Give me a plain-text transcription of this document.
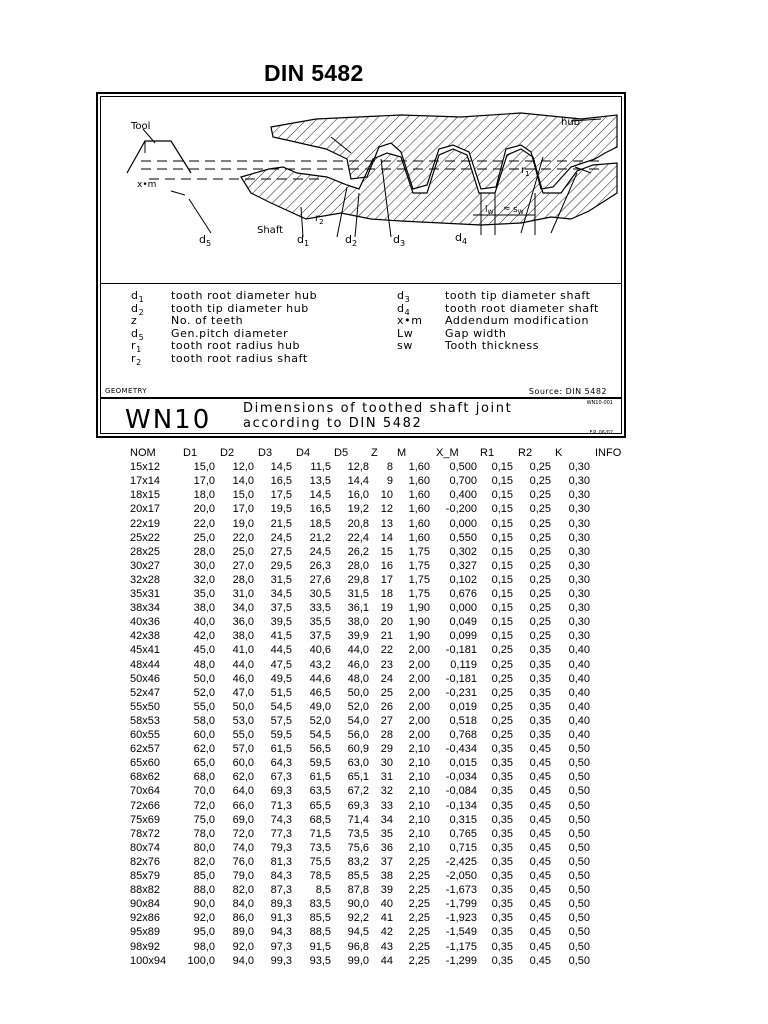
DIN 5482
Tool	hub
x•m
Shaft
$d_5$	$d_1$	$d_2$	$d_3$	$d_4$
$r_1$
$r_2$
$l_W \approx s_W$
$d_1$ tooth root diameter hub
$d_2$ tooth tip diameter hub
z	No. of teeth
$d_5$ Gen.pitch diameter
$r_1$	tooth root radius hub
$r_2$	tooth root radius shaft
$d_3$	tooth tip diameter shaft
$d_4$	tooth root diameter shaft
x•m Addendum modification
Lw	Gap width
sw	Tooth thickness
GEOMETRY	Source: DIN 5482
WN10 Dimensions of toothed shaft joint
according to DIN 5482
WN10-001
F.P. 06/02
NOM D1 D2 D3 D4 D5 Z M	X_M R1 R2 K	INFO
15x12	15,0 12,0 14,5 11,5 12,8 8 1,60 0,500 0,15 0,25 0,30
17x14	17,0 14,0 16,5 13,5 14,4 9 1,60 0,700 0,15 0,25 0,30
18x15	18,0 15,0 17,5 14,5 16,0 10 1,60 0,400 0,15 0,25 0,30
20x17	20,0 17,0 19,5 16,5 19,2 12 1,60 -0,200 0,15 0,25 0,30
22x19	22,0 19,0 21,5 18,5 20,8 13 1,60 0,000 0,15 0,25 0,30
25x22	25,0 22,0 24,5 21,2 22,4 14 1,60 0,550 0,15 0,25 0,30
28x25	28,0 25,0 27,5 24,5 26,2 15 1,75 0,302 0,15 0,25 0,30
30x27	30,0 27,0 29,5 26,3 28,0 16 1,75 0,327 0,15 0,25 0,30
32x28	32,0 28,0 31,5 27,6 29,8 17 1,75 0,102 0,15 0,25 0,30
35x31	35,0 31,0 34,5 30,5 31,5 18 1,75 0,676 0,15 0,25 0,30
38x34	38,0 34,0 37,5 33,5 36,1 19 1,90 0,000 0,15 0,25 0,30
40x36	40,0 36,0 39,5 35,5 38,0 20 1,90 0,049 0,15 0,25 0,30
42x38	42,0 38,0 41,5 37,5 39,9 21 1,90 0,099 0,15 0,25 0,30
45x41	45,0 41,0 44,5 40,6 44,0 22 2,00 -0,181 0,25 0,35 0,40
48x44	48,0 44,0 47,5 43,2 46,0 23 2,00 0,119 0,25 0,35 0,40
50x46	50,0 46,0 49,5 44,6 48,0 24 2,00 -0,181 0,25 0,35 0,40
52x47	52,0 47,0 51,5 46,5 50,0 25 2,00 -0,231 0,25 0,35 0,40
55x50	55,0 50,0 54,5 49,0 52,0 26 2,00 0,019 0,25 0,35 0,40
58x53	58,0 53,0 57,5 52,0 54,0 27 2,00 0,518 0,25 0,35 0,40
60x55	60,0 55,0 59,5 54,5 56,0 28 2,00 0,768 0,25 0,35 0,40
62x57	62,0 57,0 61,5 56,5 60,9 29 2,10 -0,434 0,35 0,45 0,50
65x60	65,0 60,0 64,3 59,5 63,0 30 2,10 0,015 0,35 0,45 0,50
68x62	68,0 62,0 67,3 61,5 65,1 31 2,10 -0,034 0,35 0,45 0,50
70x64	70,0 64,0 69,3 63,5 67,2 32 2,10 -0,084 0,35 0,45 0,50
72x66	72,0 66,0 71,3 65,5 69,3 33 2,10 -0,134 0,35 0,45 0,50
75x69	75,0 69,0 74,3 68,5 71,4 34 2,10 0,315 0,35 0,45 0,50
78x72	78,0 72,0 77,3 71,5 73,5 35 2,10 0,765 0,35 0,45 0,50
80x74	80,0 74,0 79,3 73,5 75,6 36 2,10 0,715 0,35 0,45 0,50
82x76	82,0 76,0 81,3 75,5 83,2 37 2,25 -2,425 0,35 0,45 0,50
85x79	85,0 79,0 84,3 78,5 85,5 38 2,25 -2,050 0,35 0,45 0,50
88x82	88,0 82,0 87,3 8,5 87,8 39 2,25 -1,673 0,35 0,45 0,50
90x84	90,0 84,0 89,3 83,5 90,0 40 2,25 -1,799 0,35 0,45 0,50
92x86	92,0 86,0 91,3 85,5 92,2 41 2,25 -1,923 0,35 0,45 0,50
95x89	95,0 89,0 94,3 88,5 94,5 42 2,25 -1,549 0,35 0,45 0,50
98x92	98,0 92,0 97,3 91,5 96,8 43 2,25 -1,175 0,35 0,45 0,50
100x94 100,0 94,0 99,3 93,5 99,0 44 2,25 -1,299 0,35 0,45 0,50
